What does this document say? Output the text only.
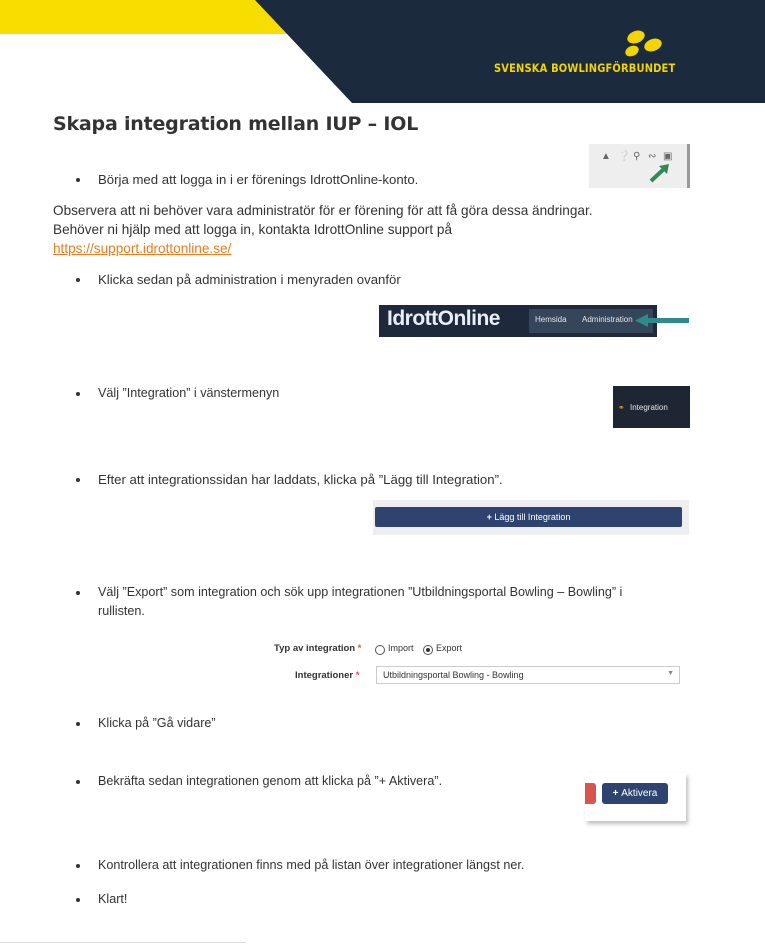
SVENSKA BOWLINGFÖRBUNDET
Skapa integration mellan IUP – IOL
Börja med att logga in i er förenings IdrottOnline-konto.
▲ ❔ ⚲ ∾ ▣
Observera att ni behöver vara administratör för er förening för att få göra dessa ändringar.
Behöver ni hjälp med att logga in, kontakta IdrottOnline support på
https://support.idrottonline.se/
Klicka sedan på administration i menyraden ovanför
IdrottOnline	Hemsida Administration
Välj ”Integration” i vänstermenyn
⚭ Integration
Efter att integrationssidan har laddats, klicka på ”Lägg till Integration”.
+ Lägg till Integration
Välj ”Export” som integration och sök upp integrationen ”Utbildningsportal Bowling – Bowling” i
rullisten.
Typ av integration *	Import Export
Integrationer *	Utbildningsportal Bowling - Bowling	▼
Klicka på ”Gå vidare”
Bekräfta sedan integrationen genom att klicka på ”+ Aktivera”.
+ Aktivera
Kontrollera att integrationen finns med på listan över integrationer längst ner.
Klart!
